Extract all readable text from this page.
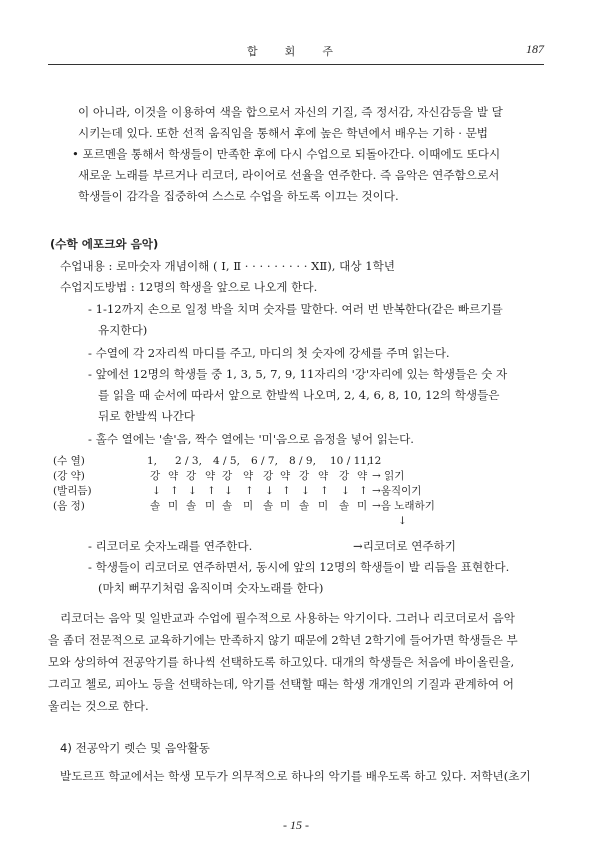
합 회 주	187
이 아니라, 이것을 이용하여 색을 합으로서 자신의 기질, 즉 정서감, 자신감등을 발 달
시키는데 있다. 또한 선적 움직임을 통해서 후에 높은 학년에서 배우는 기하 · 문법
• 포르멘을 통해서 학생들이 만족한 후에 다시 수업으로 되돌아간다. 이때에도 또다시
새로운 노래를 부르거나 리코더, 라이어로 선율을 연주한다. 즉 음악은 연주함으로서
학생들이 감각을 집중하여 스스로 수업을 하도록 이끄는 것이다.
(수학 에포크와 음악)
수업내용 : 로마숫자 개념이해 ( Ⅰ, Ⅱ · · · · · · · · · ⅩⅡ), 대상 1학년
수업지도방법 : 12명의 학생을 앞으로 나오게 한다.
- 1-12까지 손으로 일정 박을 치며 숫자를 말한다. 여러 번 반복한다(같은 빠르기를
유지한다)
- 수열에 각 2자리씩 마디를 주고, 마디의 첫 숫자에 강세를 주며 읽는다.
- 앞에선 12명의 학생들 중 1, 3, 5, 7, 9, 11자리의 '강'자리에 있는 학생들은 숫 자
를 읽을 때 순서에 따라서 앞으로 한발씩 나오며, 2, 4, 6, 8, 10, 12의 학생들은
뒤로 한발씩 나간다
- 홀수 열에는 '솔'음, 짝수 열에는 '미'음으로 음정을 넣어 읽는다.
(수 열)
(강 약)
(발리듬)
(음 정)
1, 2 / 3, 4 / 5, 6 / 7, 8 / 9, 10 / 11,
12
강 약 강 약 강 약 강 약 강 약 강 약
↓ ↑ ↓ ↑ ↓ ↑ ↓ ↑ ↓ ↑ ↓ ↑
솔 미 솔 미 솔 미 솔 미 솔 미 솔 미
→ 읽기
→움직이기
→음 노래하기
↓
- 리코더로 숫자노래를 연주한다.	→리코더로 연주하기
- 학생들이 리코더로 연주하면서, 동시에 앞의 12명의 학생들이 발 리듬을 표현한다.
(마치 뻐꾸기처럼 움직이며 숫자노래를 한다)
리코더는 음악 및 일반교과 수업에 필수적으로 사용하는 악기이다. 그러나 리코더로서 음악
을 좀더 전문적으로 교육하기에는 만족하지 않기 때문에 2학년 2학기에 들어가면 학생들은 부
모와 상의하여 전공악기를 하나씩 선택하도록 하고있다. 대개의 학생들은 처음에 바이올린을,
그리고 첼로, 피아노 등을 선택하는데, 악기를 선택할 때는 학생 개개인의 기질과 관계하여 어
울리는 것으로 한다.
4) 전공악기 렛슨 및 음악활동
발도르프 학교에서는 학생 모두가 의무적으로 하나의 악기를 배우도록 하고 있다. 저학년(초기
- 15 -
